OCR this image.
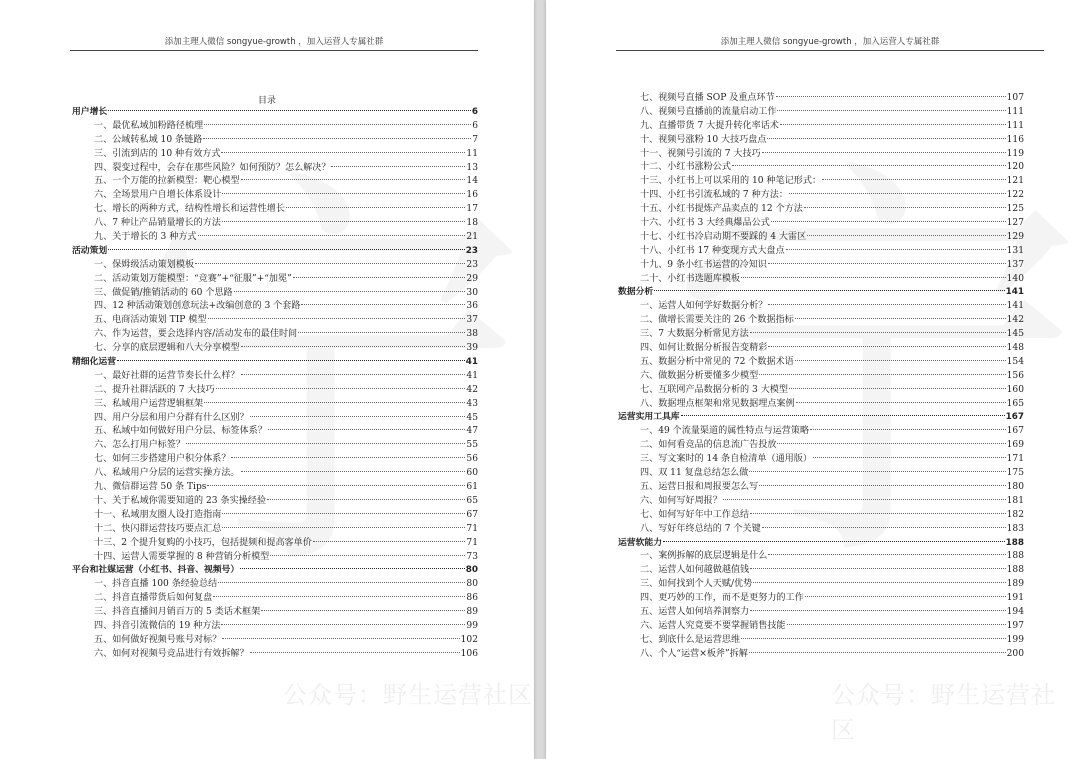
添加主理人微信 songyue-growth ，加入运营人专属社群
目录
用户增长	6
一、最优私域加粉路径梳理	6
二、公域转私域 10 条链路	7
三、引流到店的 10 种有效方式	11
四、裂变过程中，会存在那些风险？如何预防？怎么解决？	13
五、一个万能的拉新模型：靶心模型	14
六、全场景用户自增长体系设计	16
七、增长的两种方式，结构性增长和运营性增长	17
八、7 种让产品销量增长的方法	18
九、关于增长的 3 种方式	21
活动策划	23
一、保姆级活动策划模板	23
二、活动策划万能模型：“竞赛”+“征服”+“加冕”	29
三、做促销/推销活动的 60 个思路	30
四、12 种活动策划创意玩法+改编创意的 3 个套路	36
五、电商活动策划 TIP 模型	37
六、作为运营，要会选择内容/活动发布的最佳时间	38
七、分享的底层逻辑和八大分享模型	39
精细化运营	41
一、最好社群的运营节奏长什么样？	41
二、提升社群活跃的 7 大技巧	42
三、私域用户运营逻辑框架	43
四、用户分层和用户分群有什么区别？	45
五、私域中如何做好用户分层、标签体系？	47
六、怎么打用户标签？	55
七、如何三步搭建用户积分体系？	56
八、私域用户分层的运营实操方法。	60
九、微信群运营 50 条 Tips	61
十、关于私域你需要知道的 23 条实操经验	65
十一、私域朋友圈人设打造指南	67
十二、快闪群运营技巧要点汇总	71
十三、2 个提升复购的小技巧，包括提频和提高客单价	71
十四、运营人需要掌握的 8 种营销分析模型	73
平台和社媒运营（小红书、抖音、视频号）	80
一、抖音直播 100 条经验总结	80
二、抖音直播带货后如何复盘	86
三、抖音直播间月销百万的 5 类话术框架	89
四、抖音引流微信的 19 种方法	99
五、如何做好视频号账号对标？	102
六、如何对视频号竞品进行有效拆解？	106
公众号：野生运营社区
添加主理人微信 songyue-growth ，加入运营人专属社群
七、视频号直播 SOP 及重点环节	107
八、视频号直播前的流量启动工作	111
九、直播带货 7 大提升转化率话术	111
十、视频号涨粉 10 大技巧盘点	116
十一、视频号引流的 7 大技巧	119
十二、小红书涨粉公式	120
十三、小红书上可以采用的 10 种笔记形式：	121
十四、小红书引流私域的 7 种方法：	122
十五、小红书提炼产品卖点的 12 个方法	125
十六、小红书 3 大经典爆品公式	127
十七、小红书冷启动期不要踩的 4 大雷区	129
十八、小红书 17 种变现方式大盘点	131
十九、9 条小红书运营的冷知识	137
二十、小红书选题库模板	140
数据分析	141
一、运营人如何学好数据分析？	141
二、做增长需要关注的 26 个数据指标	142
三、7 大数据分析常见方法	145
四、如何让数据分析报告变精彩	148
五、数据分析中常见的 72 个数据术语	154
六、做数据分析要懂多少模型	156
七、互联网产品数据分析的 3 大模型	160
八、数据埋点框架和常见数据埋点案例	165
运营实用工具库	167
一、49 个流量渠道的属性特点与运营策略	167
二、如何看竞品的信息流广告投放	169
三、写文案时的 14 条自检清单（通用版）	171
四、双 11 复盘总结怎么做	175
五、运营日报和周报要怎么写	180
六、如何写好周报？	181
七、如何写好年中工作总结	182
八、写好年终总结的 7 个关键	183
运营软能力	188
一、案例拆解的底层逻辑是什么	188
二、运营人如何越做越值钱	188
三、如何找到个人天赋/优势	189
四、更巧妙的工作，而不是更努力的工作	191
五、运营人如何培养洞察力	194
六、运营人究竟要不要掌握销售技能	197
七、到底什么是运营思维	199
八、个人“运营×板斧”拆解	200
公众号：野生运营社区
